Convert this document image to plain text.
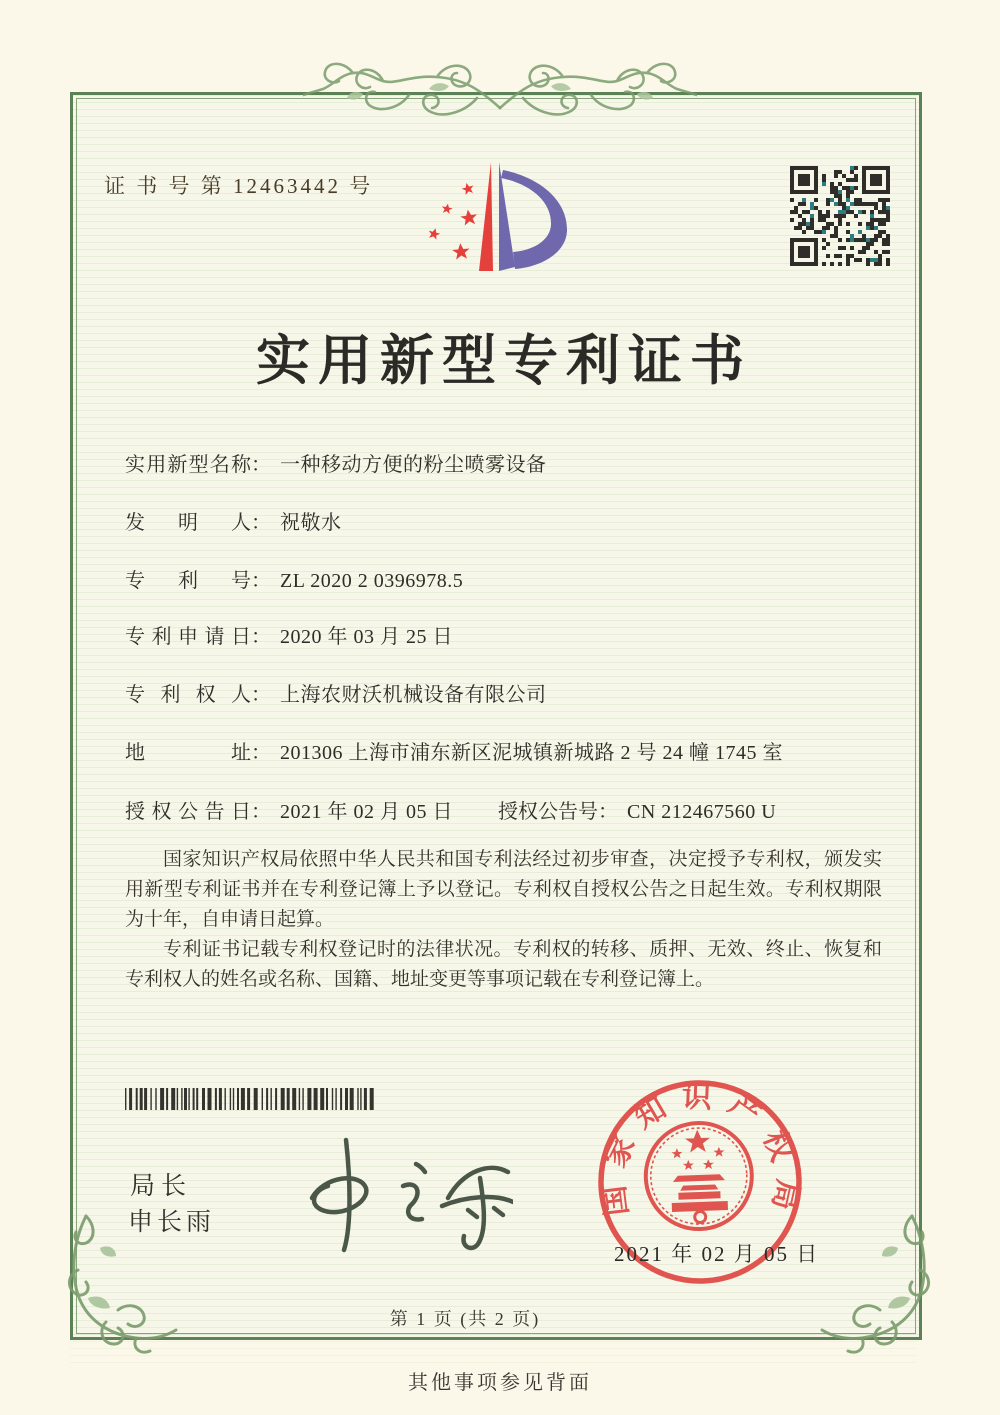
证 书 号 第 12463442 号
实用新型专利证书
实用新型名称： 一种移动方便的粉尘喷雾设备
发明人： 祝敬水
专利号： ZL 2020 2 0396978.5
专利申请日： 2020 年 03 月 25 日
专利权人： 上海农财沃机械设备有限公司
地址： 201306 上海市浦东新区泥城镇新城路 2 号 24 幢 1745 室
授权公告日： 2021 年 02 月 05 日 授权公告号： CN 212467560 U

国家知识产权局依照中华人民共和国专利法经过初步审查，决定授予专利权，颁发实用新型专利证书并在专利登记簿上予以登记。专利权自授权公告之日起生效。专利权期限为十年，自申请日起算。

专利证书记载专利权登记时的法律状况。专利权的转移、质押、无效、终止、恢复和专利权人的姓名或名称、国籍、地址变更等事项记载在专利登记簿上。

局长
申长雨
国家知识产权局
2021 年 02 月 05 日
第 1 页 (共 2 页)
其他事项参见背面
